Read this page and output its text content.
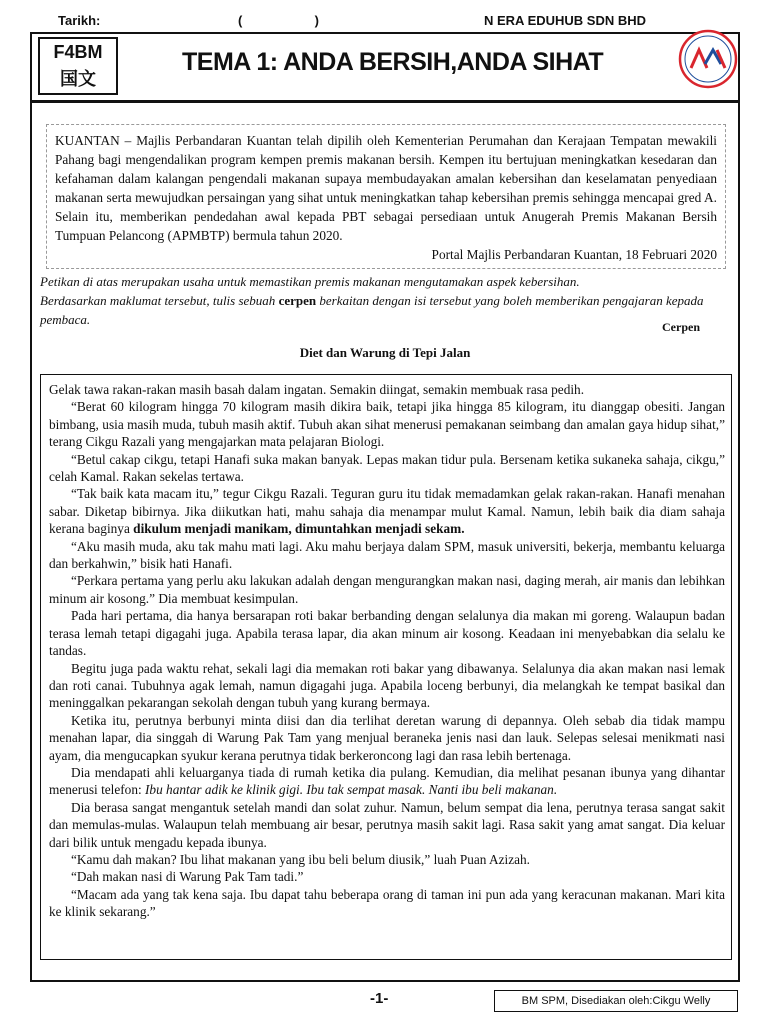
Tarikh:	(                    )	N ERA EDUHUB SDN BHD
F4BM
国文
TEMA 1: ANDA BERSIH,ANDA SIHAT
KUANTAN – Majlis Perbandaran Kuantan telah dipilih oleh Kementerian Perumahan dan Kerajaan Tempatan mewakili Pahang bagi mengendalikan program kempen premis makanan bersih. Kempen itu bertujuan meningkatkan kesedaran dan kefahaman dalam kalangan pengendali makanan supaya membudayakan amalan kebersihan dan keselamatan penyediaan makanan serta mewujudkan persaingan yang sihat untuk meningkatkan tahap kebersihan premis sehingga mencapai gred A. Selain itu, memberikan pendedahan awal kepada PBT sebagai persediaan untuk Anugerah Premis Makanan Bersih Tumpuan Pelancong (APMBTP) bermula tahun 2020.
Portal Majlis Perbandaran Kuantan, 18 Februari 2020
Petikan di atas merupakan usaha untuk memastikan premis makanan mengutamakan aspek kebersihan.
Berdasarkan maklumat tersebut, tulis sebuah cerpen berkaitan dengan isi tersebut yang boleh memberikan pengajaran kepada pembaca.	Cerpen
Diet dan Warung di Tepi Jalan

Gelak tawa rakan-rakan masih basah dalam ingatan. Semakin diingat, semakin membuak rasa pedih.

“Berat 60 kilogram hingga 70 kilogram masih dikira baik, tetapi jika hingga 85 kilogram, itu dianggap obesiti. Jangan bimbang, usia masih muda, tubuh masih aktif. Tubuh akan sihat menerusi pemakanan seimbang dan amalan gaya hidup sihat,” terang Cikgu Razali yang mengajarkan mata pelajaran Biologi.

“Betul cakap cikgu, tetapi Hanafi suka makan banyak. Lepas makan tidur pula. Bersenam ketika sukaneka sahaja, cikgu,” celah Kamal. Rakan sekelas tertawa.

“Tak baik kata macam itu,” tegur Cikgu Razali. Teguran guru itu tidak memadamkan gelak rakan-rakan. Hanafi menahan sabar. Diketap bibirnya. Jika diikutkan hati, mahu sahaja dia menampar mulut Kamal. Namun, lebih baik dia diam sahaja kerana baginya dikulum menjadi manikam, dimuntahkan menjadi sekam.

“Aku masih muda, aku tak mahu mati lagi. Aku mahu berjaya dalam SPM, masuk universiti, bekerja, membantu keluarga dan berkahwin,” bisik hati Hanafi.

“Perkara pertama yang perlu aku lakukan adalah dengan mengurangkan makan nasi, daging merah, air manis dan lebihkan minum air kosong.” Dia membuat kesimpulan.

Pada hari pertama, dia hanya bersarapan roti bakar berbanding dengan selalunya dia makan mi goreng. Walaupun badan terasa lemah tetapi digagahi juga. Apabila terasa lapar, dia akan minum air kosong. Keadaan ini menyebabkan dia selalu ke tandas.

Begitu juga pada waktu rehat, sekali lagi dia memakan roti bakar yang dibawanya. Selalunya dia akan makan nasi lemak dan roti canai. Tubuhnya agak lemah, namun digagahi juga. Apabila loceng berbunyi, dia melangkah ke tempat basikal dan meninggalkan pekarangan sekolah dengan tubuh yang kurang bermaya.

Ketika itu, perutnya berbunyi minta diisi dan dia terlihat deretan warung di depannya. Oleh sebab dia tidak mampu menahan lapar, dia singgah di Warung Pak Tam yang menjual beraneka jenis nasi dan lauk. Selepas selesai menikmati nasi ayam, dia mengucapkan syukur kerana perutnya tidak berkeroncong lagi dan rasa lebih bertenaga.

Dia mendapati ahli keluarganya tiada di rumah ketika dia pulang. Kemudian, dia melihat pesanan ibunya yang dihantar menerusi telefon: Ibu hantar adik ke klinik gigi. Ibu tak sempat masak. Nanti ibu beli makanan.

Dia berasa sangat mengantuk setelah mandi dan solat zuhur. Namun, belum sempat dia lena, perutnya terasa sangat sakit dan memulas-mulas. Walaupun telah membuang air besar, perutnya masih sakit lagi. Rasa sakit yang amat sangat. Dia keluar dari bilik untuk mengadu kepada ibunya.

“Kamu dah makan? Ibu lihat makanan yang ibu beli belum diusik,” luah Puan Azizah.

“Dah makan nasi di Warung Pak Tam tadi.”

“Macam ada yang tak kena saja. Ibu dapat tahu beberapa orang di taman ini pun ada yang keracunan makanan. Mari kita ke klinik sekarang.”

-1-	BM SPM, Disediakan oleh:Cikgu Welly
